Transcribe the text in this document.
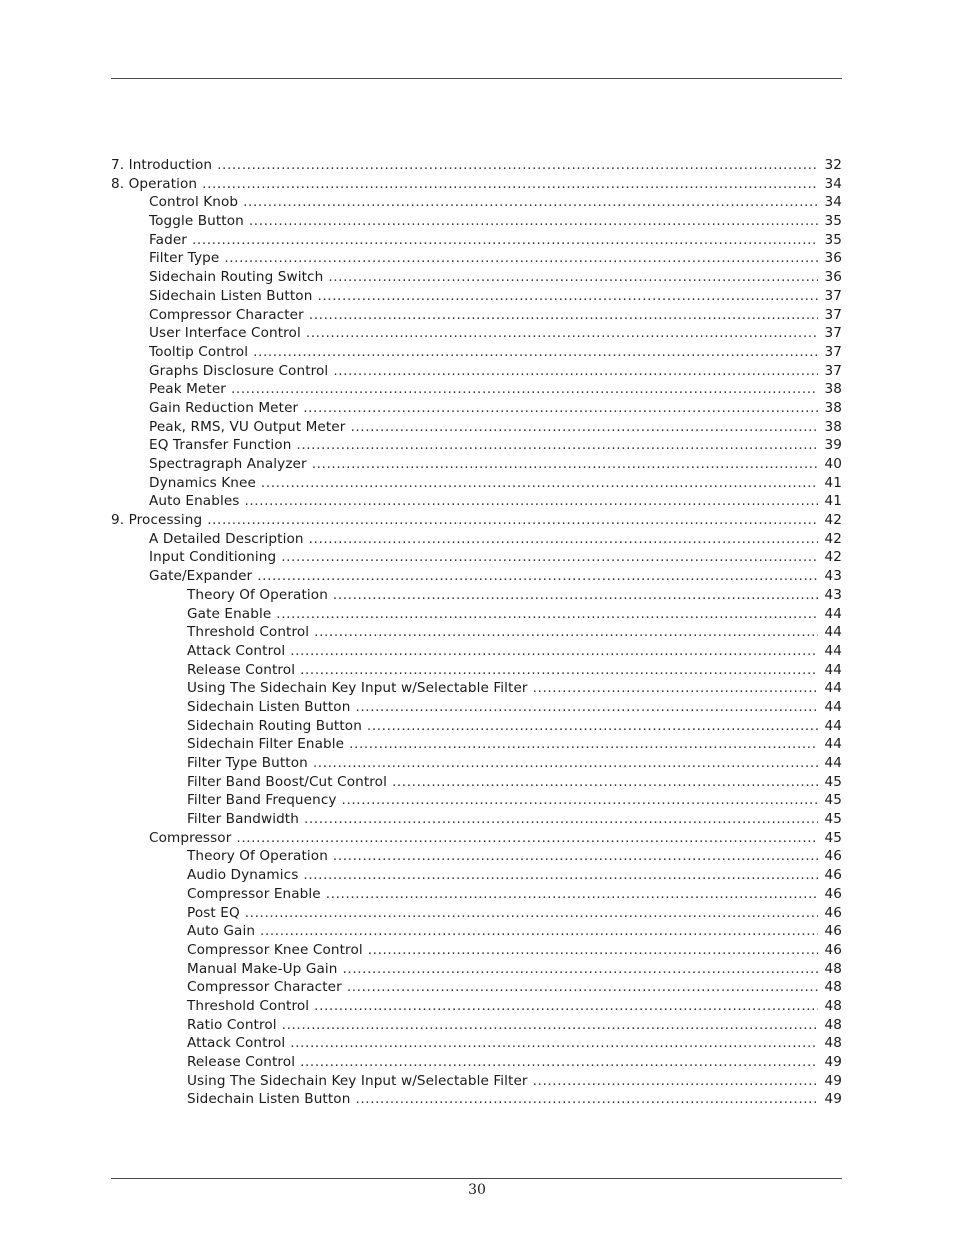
7. Introduction .....	32
8. Operation .....	34
Control Knob .....	34
Toggle Button .....	35
Fader .....	35
Filter Type .....	36
Sidechain Routing Switch .....	36
Sidechain Listen Button .....	37
Compressor Character .....	37
User Interface Control .....	37
Tooltip Control .....	37
Graphs Disclosure Control .....	37
Peak Meter .....	38
Gain Reduction Meter .....	38
Peak, RMS, VU Output Meter .....	38
EQ Transfer Function .....	39
Spectragraph Analyzer .....	40
Dynamics Knee .....	41
Auto Enables .....	41
9. Processing .....	42
A Detailed Description .....	42
Input Conditioning .....	42
Gate/Expander .....	43
Theory Of Operation .....	43
Gate Enable .....	44
Threshold Control .....	44
Attack Control .....	44
Release Control .....	44
Using The Sidechain Key Input w/Selectable Filter .....	44
Sidechain Listen Button .....	44
Sidechain Routing Button .....	44
Sidechain Filter Enable .....	44
Filter Type Button .....	44
Filter Band Boost/Cut Control .....	45
Filter Band Frequency .....	45
Filter Bandwidth .....	45
Compressor .....	45
Theory Of Operation .....	46
Audio Dynamics .....	46
Compressor Enable .....	46
Post EQ .....	46
Auto Gain .....	46
Compressor Knee Control .....	46
Manual Make-Up Gain .....	48
Compressor Character .....	48
Threshold Control .....	48
Ratio Control .....	48
Attack Control .....	48
Release Control .....	49
Using The Sidechain Key Input w/Selectable Filter .....	49
Sidechain Listen Button .....	49
30
